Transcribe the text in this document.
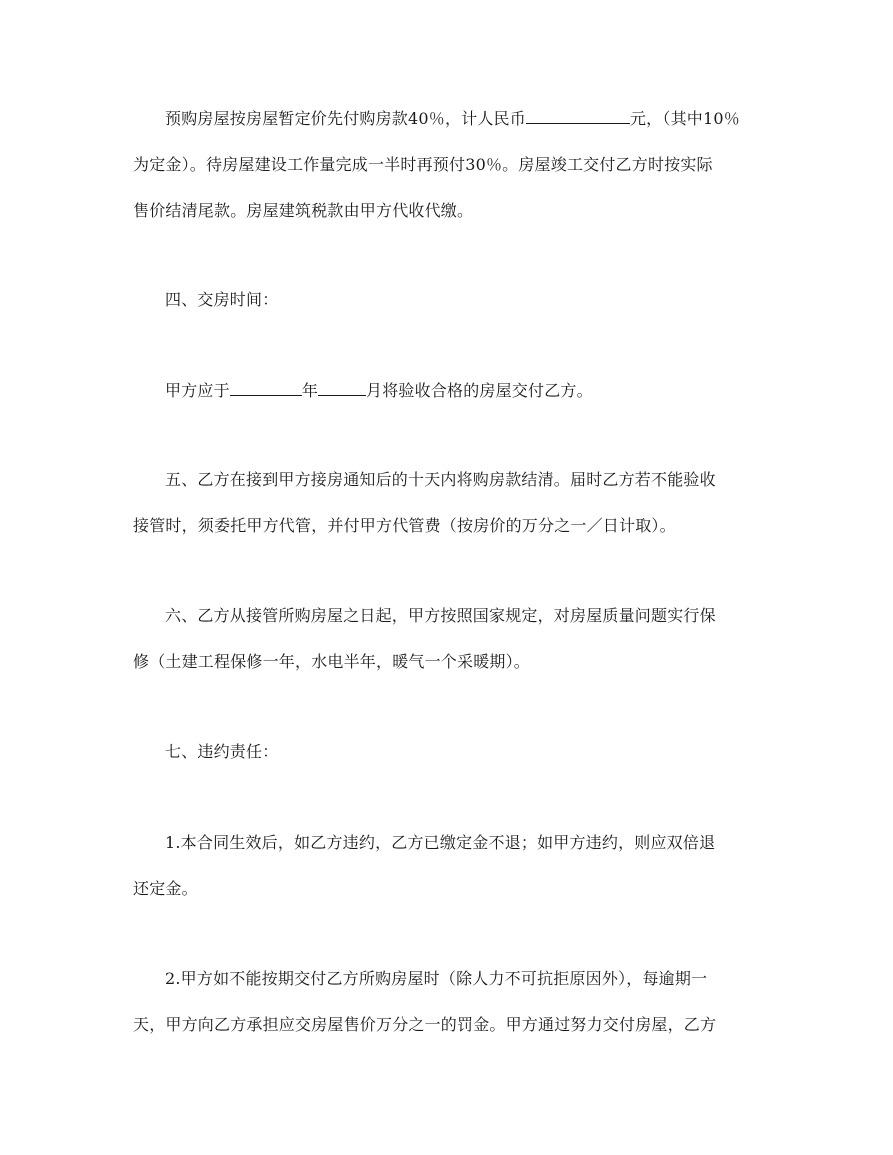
预购房屋按房屋暂定价先付购房款40％，计人民币	元，（其中10％
为定金）。待房屋建设工作量完成一半时再预付30％。房屋竣工交付乙方时按实际
售价结清尾款。房屋建筑税款由甲方代收代缴。
四、交房时间：
甲方应于	年	月将验收合格的房屋交付乙方。
五、乙方在接到甲方接房通知后的十天内将购房款结清。届时乙方若不能验收
接管时，须委托甲方代管，并付甲方代管费（按房价的万分之一／日计取）。
六、乙方从接管所购房屋之日起，甲方按照国家规定，对房屋质量问题实行保
修（土建工程保修一年，水电半年，暖气一个采暖期）。
七、违约责任：
1.本合同生效后，如乙方违约，乙方已缴定金不退；如甲方违约，则应双倍退
还定金。
2.甲方如不能按期交付乙方所购房屋时（除人力不可抗拒原因外），每逾期一
天，甲方向乙方承担应交房屋售价万分之一的罚金。甲方通过努力交付房屋，乙方
